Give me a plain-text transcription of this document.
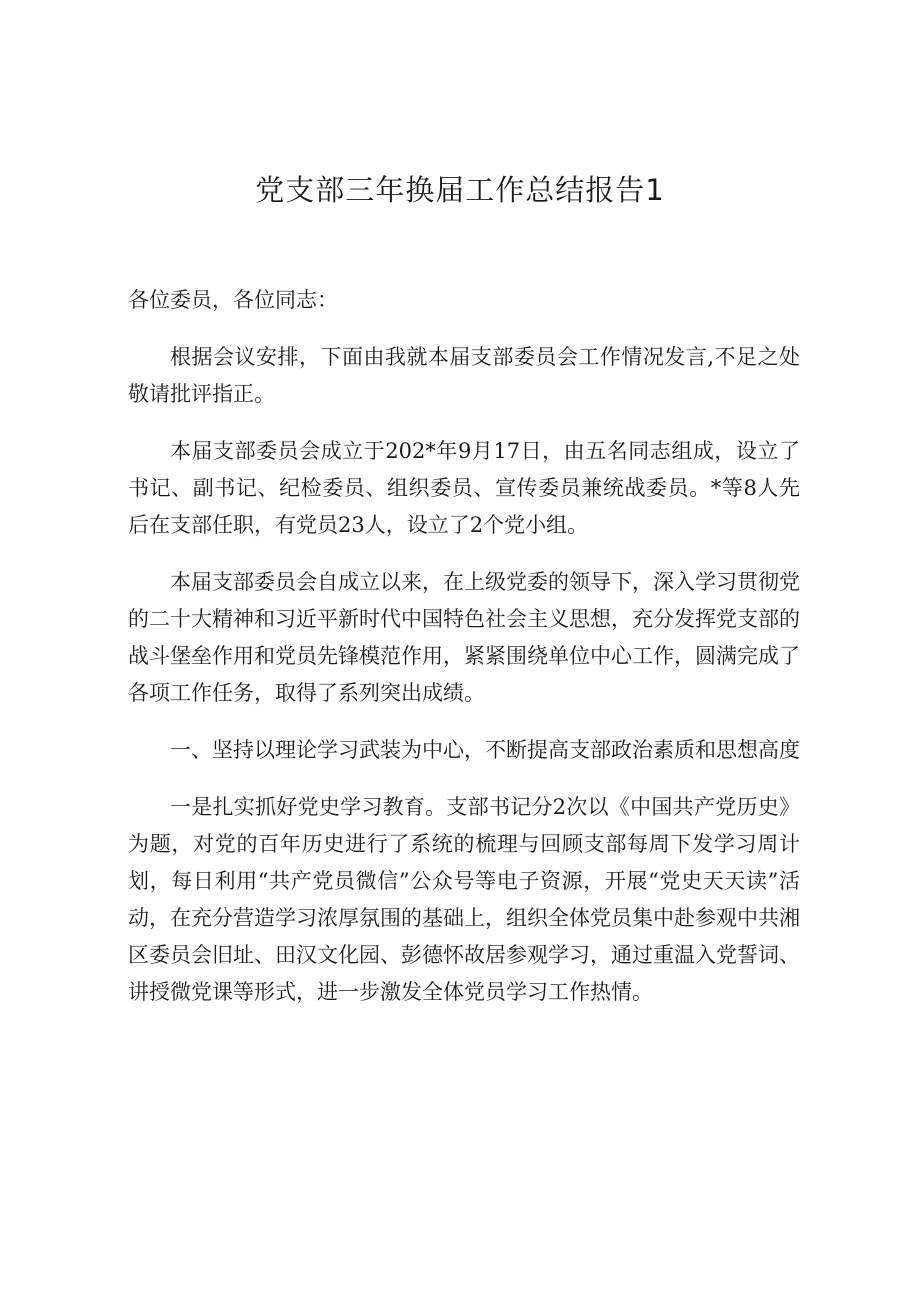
党支部三年换届工作总结报告1

各位委员，各位同志：

根据会议安排，下面由我就本届支部委员会工作情况发言,不足之处敬请批评指正。

本届支部委员会成立于202*年9月17日，由五名同志组成，设立了书记、副书记、纪检委员、组织委员、宣传委员兼统战委员。*等8人先后在支部任职，有党员23人，设立了2个党小组。

本届支部委员会自成立以来，在上级党委的领导下，深入学习贯彻党的二十大精神和习近平新时代中国特色社会主义思想，充分发挥党支部的战斗堡垒作用和党员先锋模范作用，紧紧围绕单位中心工作，圆满完成了各项工作任务，取得了系列突出成绩。

一、坚持以理论学习武装为中心，不断提高支部政治素质和思想高度

一是扎实抓好党史学习教育。支部书记分2次以《中国共产党历史》为题，对党的百年历史进行了系统的梳理与回顾支部每周下发学习周计划，每日利用“共产党员微信”公众号等电子资源，开展“党史天天读”活动，在充分营造学习浓厚氛围的基础上，组织全体党员集中赴参观中共湘区委员会旧址、田汉文化园、彭德怀故居参观学习，通过重温入党誓词、讲授微党课等形式，进一步激发全体党员学习工作热情。
